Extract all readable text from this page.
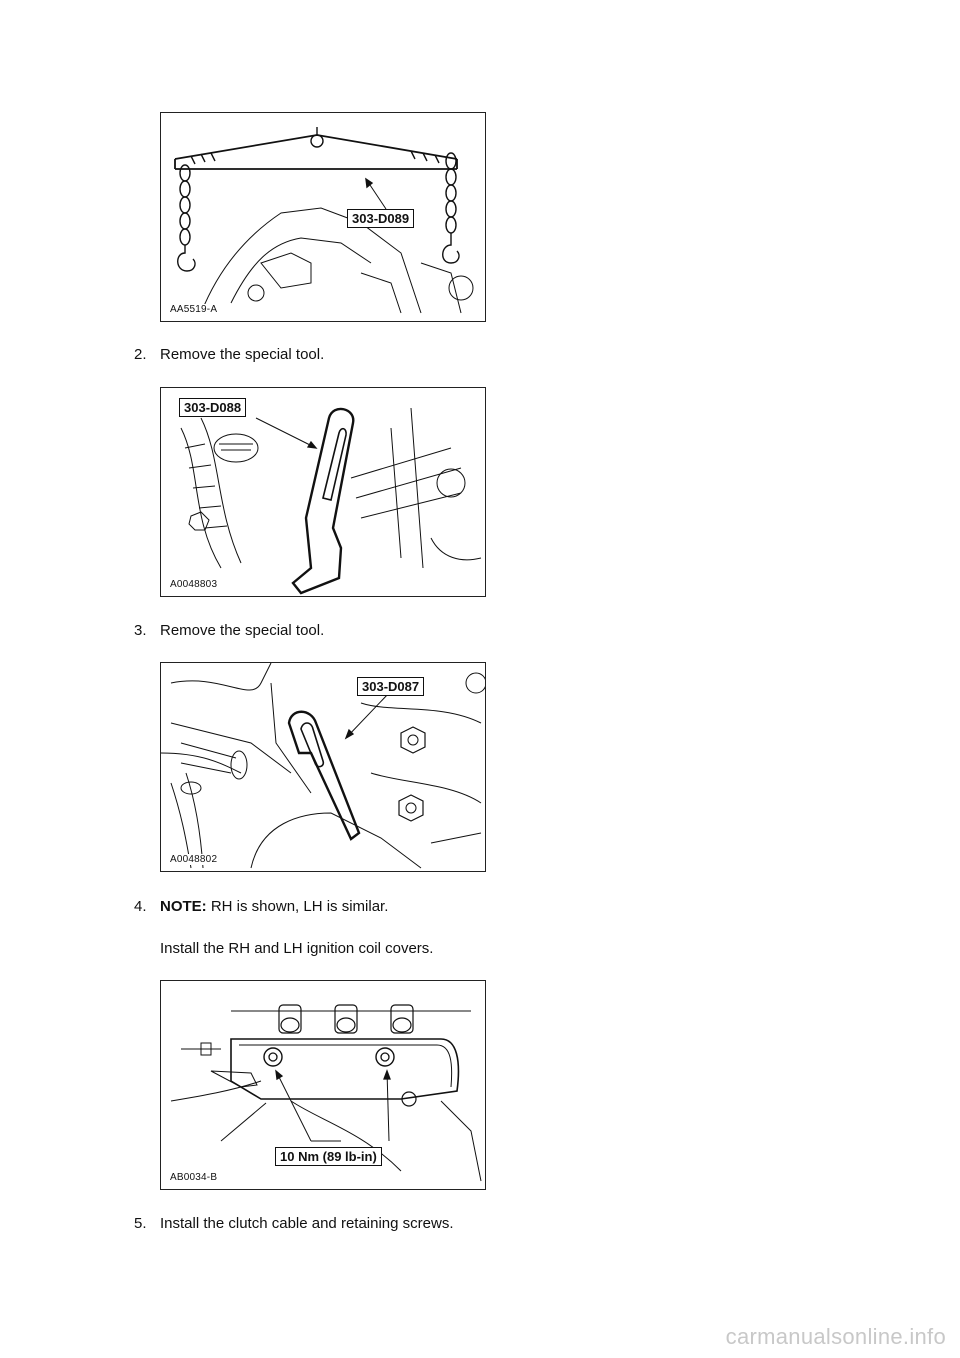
303-D089
AA5519-A
2. Remove the special tool.
303-D088
A0048803
3. Remove the special tool.
303-D087
A0048802
4. NOTE: RH is shown, LH is similar.
Install the RH and LH ignition coil covers.
10 Nm (89 lb-in)
AB0034-B
5. Install the clutch cable and retaining screws.
carmanualsonline.info
